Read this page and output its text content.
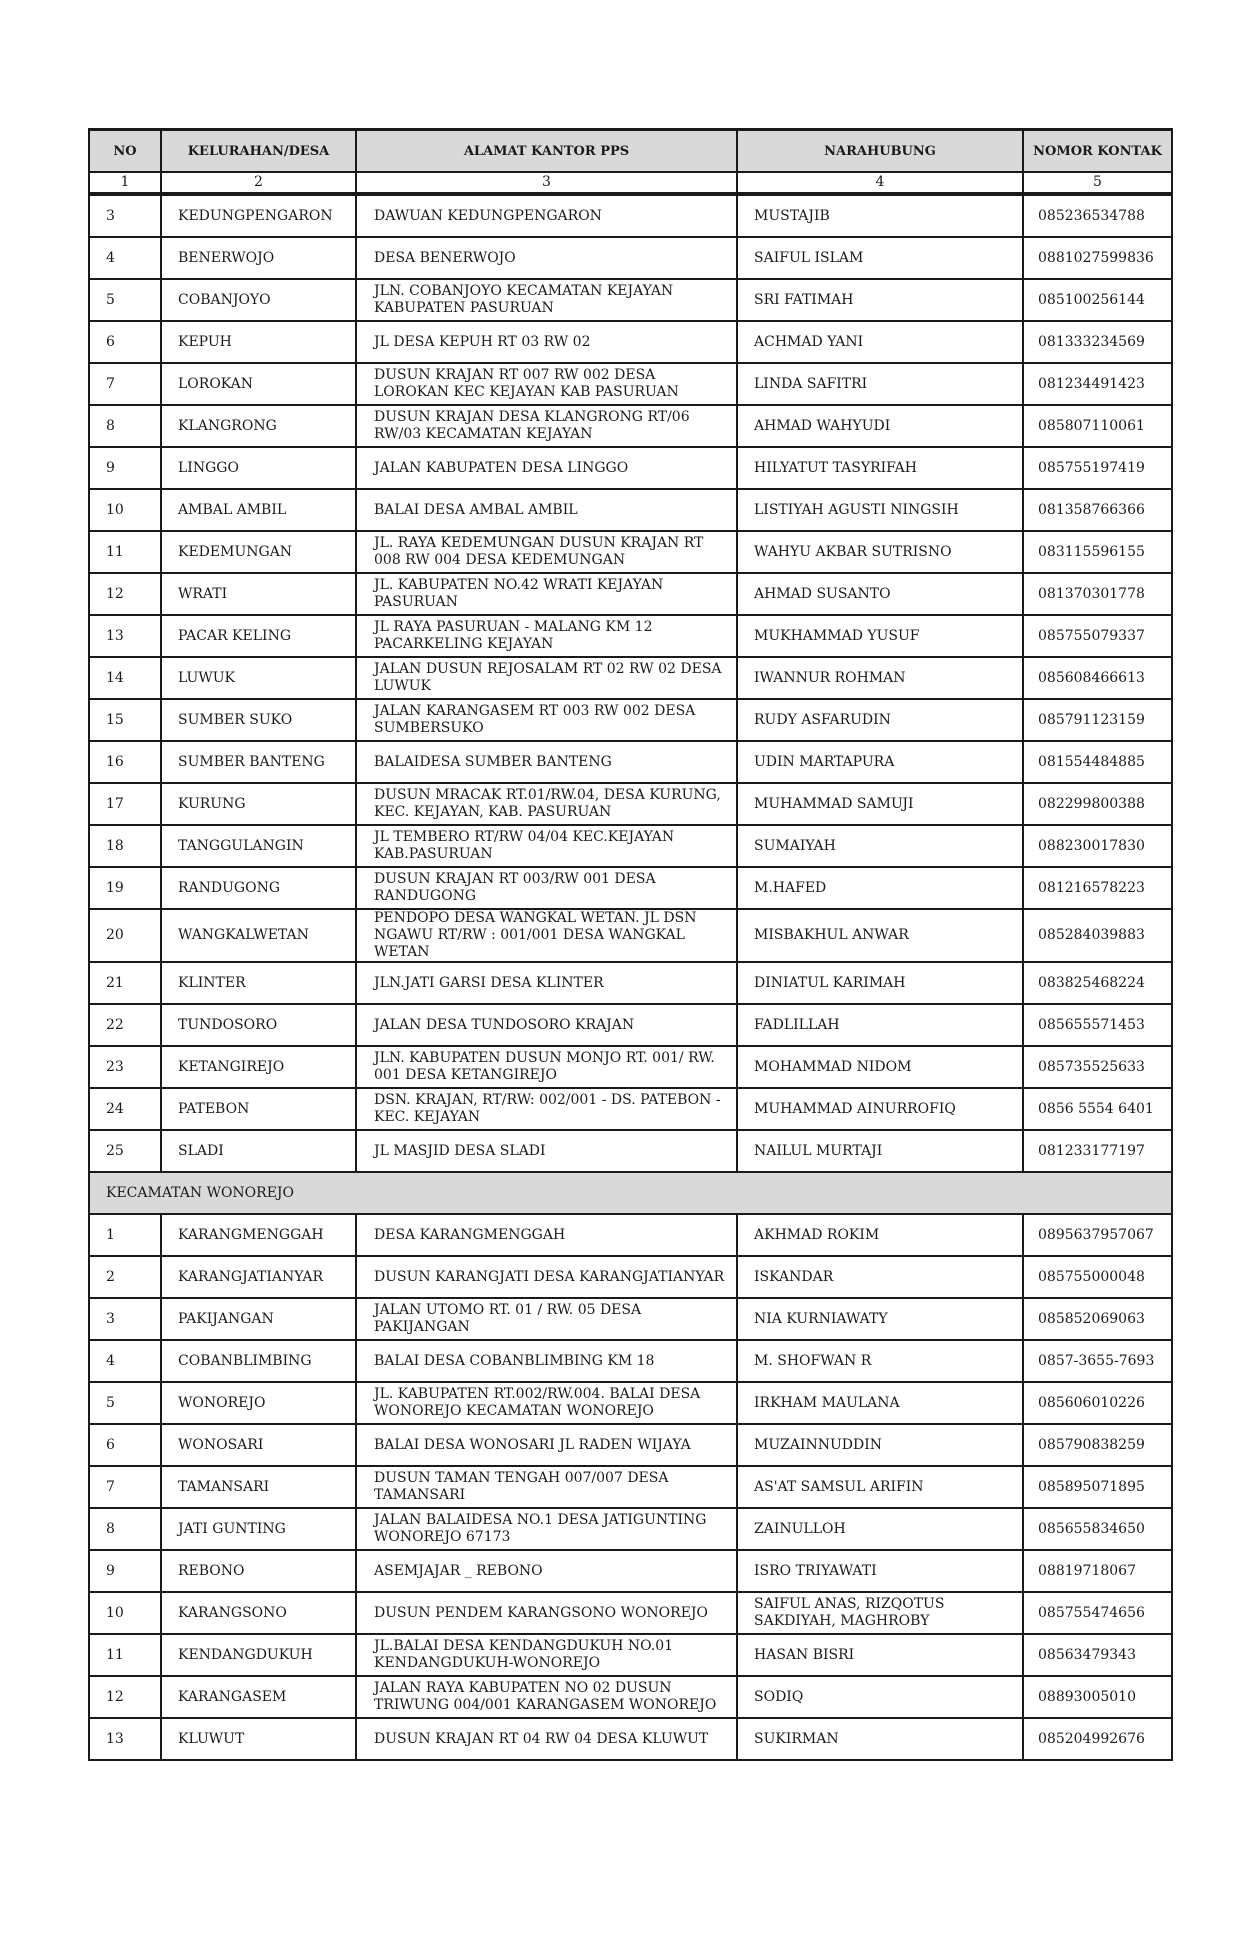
NO	KELURAHAN/DESA	ALAMAT KANTOR PPS	NARAHUBUNG	NOMOR KONTAK
1	2	3	4	5
3	KEDUNGPENGARON	DAWUAN KEDUNGPENGARON	MUSTAJIB	085236534788
4	BENERWOJO	DESA BENERWOJO	SAIFUL ISLAM	0881027599836
5	COBANJOYO	JLN. COBANJOYO KECAMATAN KEJAYAN KABUPATEN PASURUAN	SRI FATIMAH	085100256144
6	KEPUH	JL DESA KEPUH RT 03 RW 02	ACHMAD YANI	081333234569
7	LOROKAN	DUSUN KRAJAN RT 007 RW 002 DESA LOROKAN KEC KEJAYAN KAB PASURUAN	LINDA SAFITRI	081234491423
8	KLANGRONG	DUSUN KRAJAN DESA KLANGRONG RT/06 RW/03 KECAMATAN KEJAYAN	AHMAD WAHYUDI	085807110061
9	LINGGO	JALAN KABUPATEN DESA LINGGO	HILYATUT TASYRIFAH	085755197419
10	AMBAL AMBIL	BALAI DESA AMBAL AMBIL	LISTIYAH AGUSTI NINGSIH	081358766366
11	KEDEMUNGAN	JL. RAYA KEDEMUNGAN DUSUN KRAJAN RT 008 RW 004 DESA KEDEMUNGAN	WAHYU AKBAR SUTRISNO	083115596155
12	WRATI	JL. KABUPATEN NO.42 WRATI KEJAYAN PASURUAN	AHMAD SUSANTO	081370301778
13	PACAR KELING	JL RAYA PASURUAN - MALANG KM 12 PACARKELING KEJAYAN	MUKHAMMAD YUSUF	085755079337
14	LUWUK	JALAN DUSUN REJOSALAM RT 02 RW 02 DESA LUWUK	IWANNUR ROHMAN	085608466613
15	SUMBER SUKO	JALAN KARANGASEM RT 003 RW 002 DESA SUMBERSUKO	RUDY ASFARUDIN	085791123159
16	SUMBER BANTENG	BALAIDESA SUMBER BANTENG	UDIN MARTAPURA	081554484885
17	KURUNG	DUSUN MRACAK RT.01/RW.04, DESA KURUNG, KEC. KEJAYAN, KAB. PASURUAN	MUHAMMAD SAMUJI	082299800388
18	TANGGULANGIN	JL TEMBERO RT/RW 04/04 KEC.KEJAYAN KAB.PASURUAN	SUMAIYAH	088230017830
19	RANDUGONG	DUSUN KRAJAN RT 003/RW 001 DESA RANDUGONG	M.HAFED	081216578223
20	WANGKALWETAN	PENDOPO DESA WANGKAL WETAN. JL DSN NGAWU RT/RW : 001/001 DESA WANGKAL WETAN	MISBAKHUL ANWAR	085284039883
21	KLINTER	JLN.JATI GARSI DESA KLINTER	DINIATUL KARIMAH	083825468224
22	TUNDOSORO	JALAN DESA TUNDOSORO KRAJAN	FADLILLAH	085655571453
23	KETANGIREJO	JLN. KABUPATEN DUSUN MONJO RT. 001/ RW. 001 DESA KETANGIREJO	MOHAMMAD NIDOM	085735525633
24	PATEBON	DSN. KRAJAN, RT/RW: 002/001 - DS. PATEBON - KEC. KEJAYAN	MUHAMMAD AINURROFIQ	0856 5554 6401
25	SLADI	JL MASJID DESA SLADI	NAILUL MURTAJI	081233177197
KECAMATAN WONOREJO				
1	KARANGMENGGAH	DESA KARANGMENGGAH	AKHMAD ROKIM	0895637957067
2	KARANGJATIANYAR	DUSUN KARANGJATI DESA KARANGJATIANYAR	ISKANDAR	085755000048
3	PAKIJANGAN	JALAN UTOMO RT. 01 / RW. 05 DESA PAKIJANGAN	NIA KURNIAWATY	085852069063
4	COBANBLIMBING	BALAI DESA COBANBLIMBING KM 18	M. SHOFWAN R	0857-3655-7693
5	WONOREJO	JL. KABUPATEN RT.002/RW.004. BALAI DESA WONOREJO KECAMATAN WONOREJO	IRKHAM MAULANA	085606010226
6	WONOSARI	BALAI DESA WONOSARI JL RADEN WIJAYA	MUZAINNUDDIN	085790838259
7	TAMANSARI	DUSUN TAMAN TENGAH 007/007 DESA TAMANSARI	AS'AT SAMSUL ARIFIN	085895071895
8	JATI GUNTING	JALAN BALAIDESA NO.1 DESA JATIGUNTING WONOREJO 67173	ZAINULLOH	085655834650
9	REBONO	ASEMJAJAR _ REBONO	ISRO TRIYAWATI	08819718067
10	KARANGSONO	DUSUN PENDEM KARANGSONO WONOREJO	SAIFUL ANAS, RIZQOTUS SAKDIYAH, MAGHROBY	085755474656
11	KENDANGDUKUH	JL.BALAI DESA KENDANGDUKUH NO.01 KENDANGDUKUH-WONOREJO	HASAN BISRI	08563479343
12	KARANGASEM	JALAN RAYA KABUPATEN NO 02 DUSUN TRIWUNG 004/001 KARANGASEM WONOREJO	SODIQ	08893005010
13	KLUWUT	DUSUN KRAJAN RT 04 RW 04 DESA KLUWUT	SUKIRMAN	085204992676
